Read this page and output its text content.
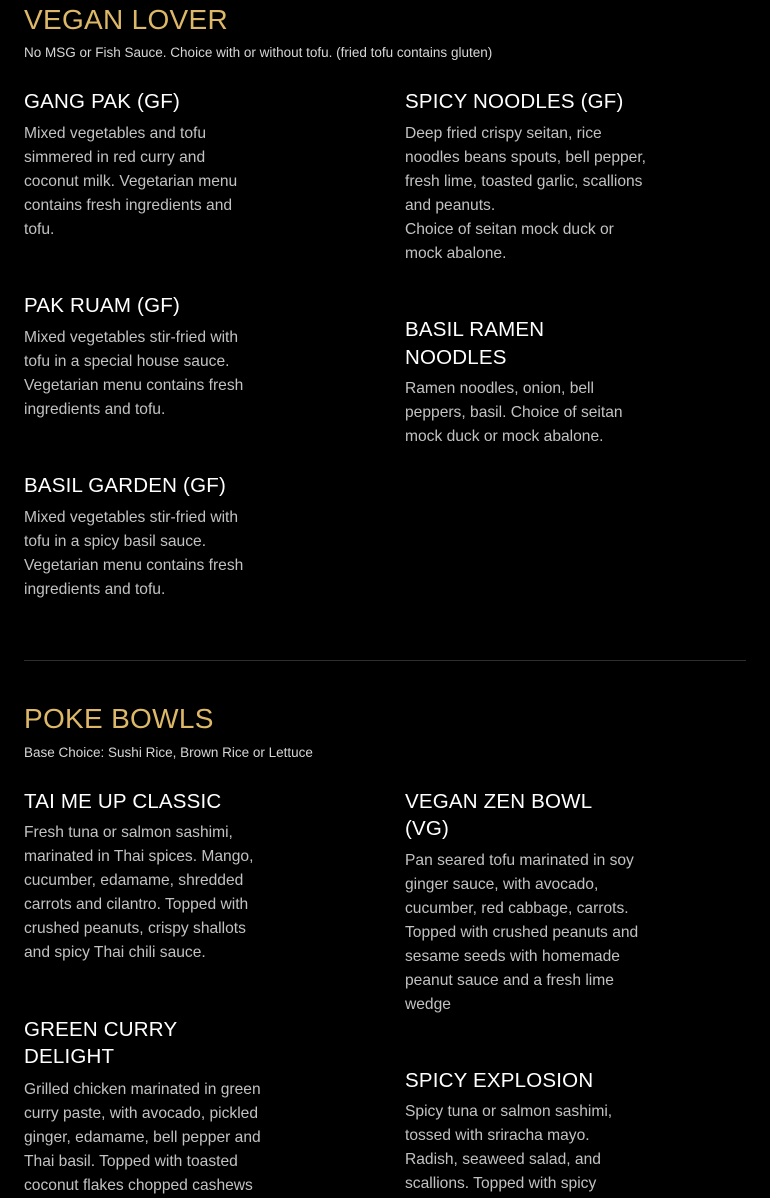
VEGAN LOVER

No MSG or Fish Sauce. Choice with or without tofu. (fried tofu contains gluten)

GANG PAK (GF)

Mixed vegetables and tofu
simmered in red curry and
coconut milk. Vegetarian menu
contains fresh ingredients and
tofu.

SPICY NOODLES (GF)

Deep fried crispy seitan, rice
noodles beans spouts, bell pepper,
fresh lime, toasted garlic, scallions
and peanuts.
Choice of seitan mock duck or
mock abalone.

PAK RUAM (GF)

Mixed vegetables stir-fried with
tofu in a special house sauce.
Vegetarian menu contains fresh
ingredients and tofu.

BASIL RAMEN
NOODLES

Ramen noodles, onion, bell
peppers, basil. Choice of seitan
mock duck or mock abalone.

BASIL GARDEN (GF)

Mixed vegetables stir-fried with
tofu in a spicy basil sauce.
Vegetarian menu contains fresh
ingredients and tofu.

POKE BOWLS

Base Choice: Sushi Rice, Brown Rice or Lettuce

TAI ME UP CLASSIC

Fresh tuna or salmon sashimi,
marinated in Thai spices. Mango,
cucumber, edamame, shredded
carrots and cilantro. Topped with
crushed peanuts, crispy shallots
and spicy Thai chili sauce.

VEGAN ZEN BOWL
(VG)

Pan seared tofu marinated in soy
ginger sauce, with avocado,
cucumber, red cabbage, carrots.
Topped with crushed peanuts and
sesame seeds with homemade
peanut sauce and a fresh lime
wedge

GREEN CURRY
DELIGHT

Grilled chicken marinated in green
curry paste, with avocado, pickled
ginger, edamame, bell pepper and
Thai basil. Topped with toasted
coconut flakes chopped cashews

SPICY EXPLOSION

Spicy tuna or salmon sashimi,
tossed with sriracha mayo.
Radish, seaweed salad, and
scallions. Topped with spicy
